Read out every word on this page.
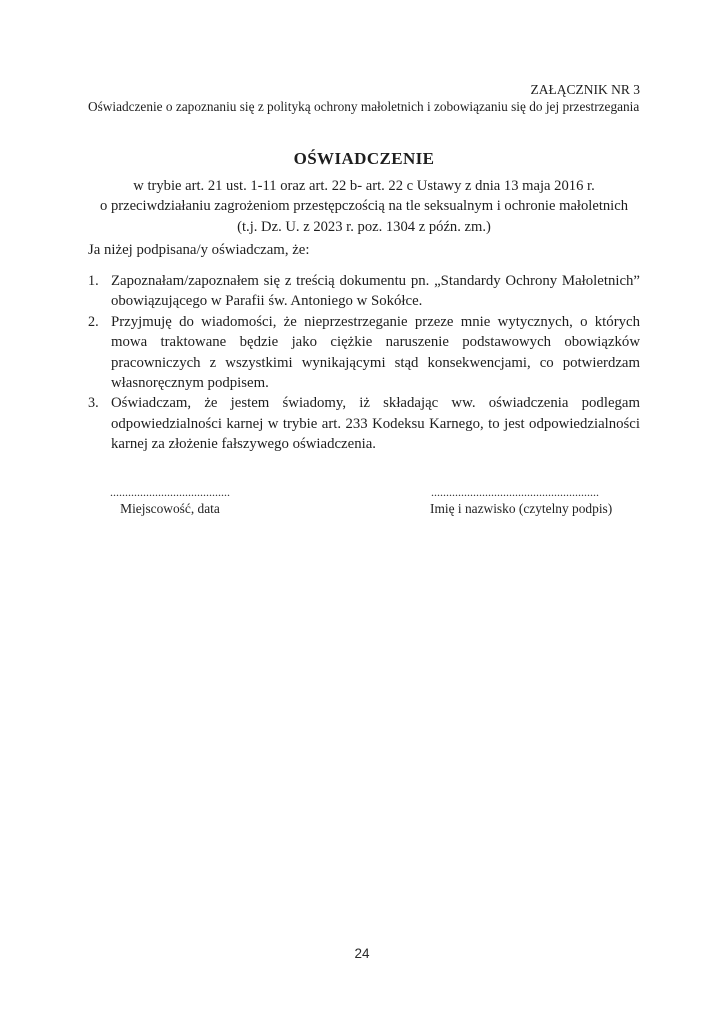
ZAŁĄCZNIK NR 3
Oświadczenie o zapoznaniu się z polityką ochrony małoletnich i zobowiązaniu się do jej przestrzegania
OŚWIADCZENIE
w trybie art. 21 ust. 1-11 oraz art. 22 b- art. 22 c Ustawy z dnia 13 maja 2016 r.
o przeciwdziałaniu zagrożeniom przestępczością na tle seksualnym i ochronie małoletnich
(t.j. Dz. U. z 2023 r. poz. 1304 z późn. zm.)
Ja niżej podpisana/y oświadczam, że:
1. Zapoznałam/zapoznałem się z treścią dokumentu pn. „Standardy Ochrony Małoletnich” obowiązującego w Parafii św. Antoniego w Sokółce.
2. Przyjmuję do wiadomości, że nieprzestrzeganie przeze mnie wytycznych, o których mowa traktowane będzie jako ciężkie naruszenie podstawowych obowiązków pracowniczych z wszystkimi wynikającymi stąd konsekwencjami, co potwierdzam własnoręcznym podpisem.
3. Oświadczam, że jestem świadomy, iż składając ww. oświadczenia podlegam odpowiedzialności karnej w trybie art. 233 Kodeksu Karnego, to jest odpowiedzialności karnej za złożenie fałszywego oświadczenia.
........................................
Miejscowość, data
........................................................
Imię i nazwisko (czytelny podpis)
24
